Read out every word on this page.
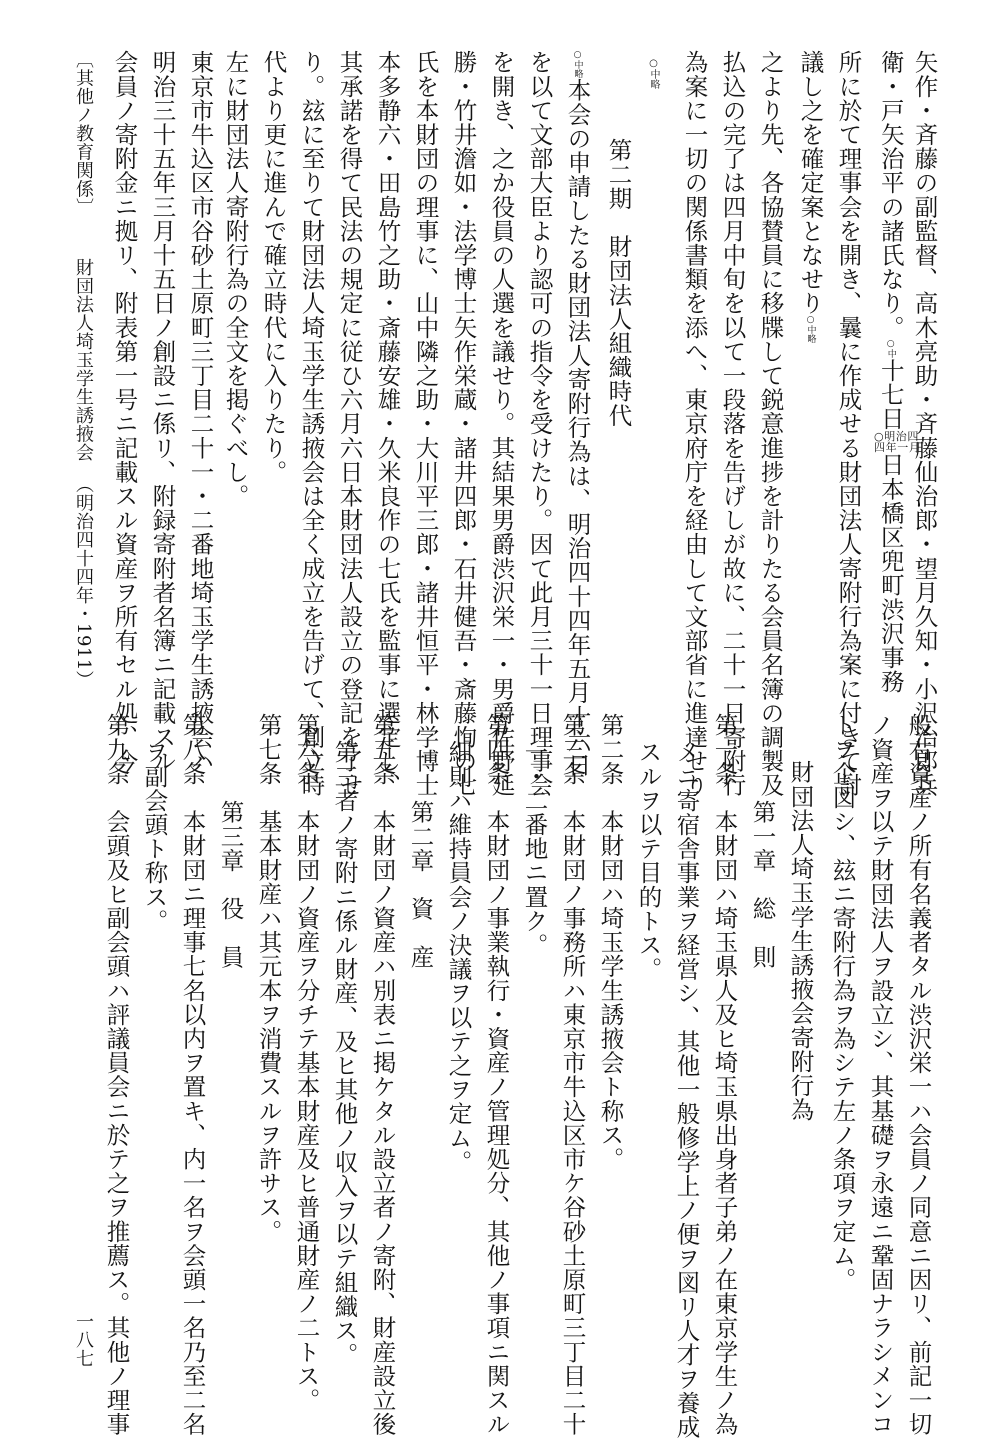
矢作・斉藤の副監督、高木亮助・斉藤仙治郎・望月久知・小沢治郎兵
衛・戸矢治平の諸氏なり。○中十七日○明治四
四年一月日本橋区兜町渋沢事務
所に於て理事会を開き、曩に作成せる財団法人寄附行為案に付きて討
議し之を確定案となせり○中略
之より先、各協賛員に移牒して鋭意進捗を計りたる会員名簿の調製及
払込の完了は四月中旬を以て一段落を告げしが故に、二十一日寄附行
為案に一切の関係書類を添へ、東京府庁を経由して文部省に進達せり
○中略
第二期　財団法人組織時代
○中略本会の申請したる財団法人寄附行為は、明治四十四年五月十六日
を以て文部大臣より認可の指令を受けたり。因て此月三十一日理事会
を開き、之か役員の人選を議せり。其結果男爵渋沢栄一・男爵佐野延
勝・竹井澹如・法学博士矢作栄蔵・諸井四郎・石井健吾・斎藤恂の七
氏を本財団の理事に、山中隣之助・大川平三郎・諸井恒平・林学博士
本多静六・田島竹之助・斎藤安雄・久米良作の七氏を監事に選定し、
其承諾を得て民法の規定に従ひ六月六日本財団法人設立の登記を了せ
り。玆に至りて財団法人埼玉学生誘掖会は全く成立を告げて、創立時
代より更に進んで確立時代に入りたり。
左に財団法人寄附行為の全文を掲ぐべし。
東京市牛込区市谷砂土原町三丁目二十一・二番地埼玉学生誘掖会ハ
明治三十五年三月十五日ノ創設ニ係リ、附録寄附者名簿ニ記載スル
会員ノ寄附金ニ拠リ、附表第一号ニ記載スル資産ヲ所有セル処、今
般右資産ノ所有名義者タル渋沢栄一ハ会員ノ同意ニ因リ、前記一切
ノ資産ヲ以テ財団法人ヲ設立シ、其基礎ヲ永遠ニ鞏固ナラシメンコ
トヲ企図シ、玆ニ寄附行為ヲ為シテ左ノ条項ヲ定ム。
財団法人埼玉学生誘掖会寄附行為
第一章　総　則
第一条　本財団ハ埼玉県人及ヒ埼玉県出身者子弟ノ在東京学生ノ為
メニ寄宿舎事業ヲ経営シ、其他一般修学上ノ便ヲ図リ人才ヲ養成
スルヲ以テ目的トス。
第二条　本財団ハ埼玉学生誘掖会ト称ス。
第三条　本財団ノ事務所ハ東京市牛込区市ケ谷砂土原町三丁目二十
一・二番地ニ置ク。
第四条　本財団ノ事業執行・資産ノ管理処分、其他ノ事項ニ関スル
細則ハ維持員会ノ決議ヲ以テ之ヲ定ム。
第二章　資　産
第五条　本財団ノ資産ハ別表ニ掲ケタル設立者ノ寄附、財産設立後
第三者ノ寄附ニ係ル財産、及ヒ其他ノ収入ヲ以テ組織ス。
第六条　本財団ノ資産ヲ分チテ基本財産及ヒ普通財産ノ二トス。
第七条　基本財産ハ其元本ヲ消費スルヲ許サス。
第三章　役　員
第八条　本財団ニ理事七名以内ヲ置キ、内一名ヲ会頭一名乃至二名
ヲ副会頭ト称ス。
第九条　会頭及ヒ副会頭ハ評議員会ニ於テ之ヲ推薦ス。其他ノ理事
〔其他ノ教育関係〕
財団法人埼玉学生誘掖会
（明治四十四年・1911）
一八七
